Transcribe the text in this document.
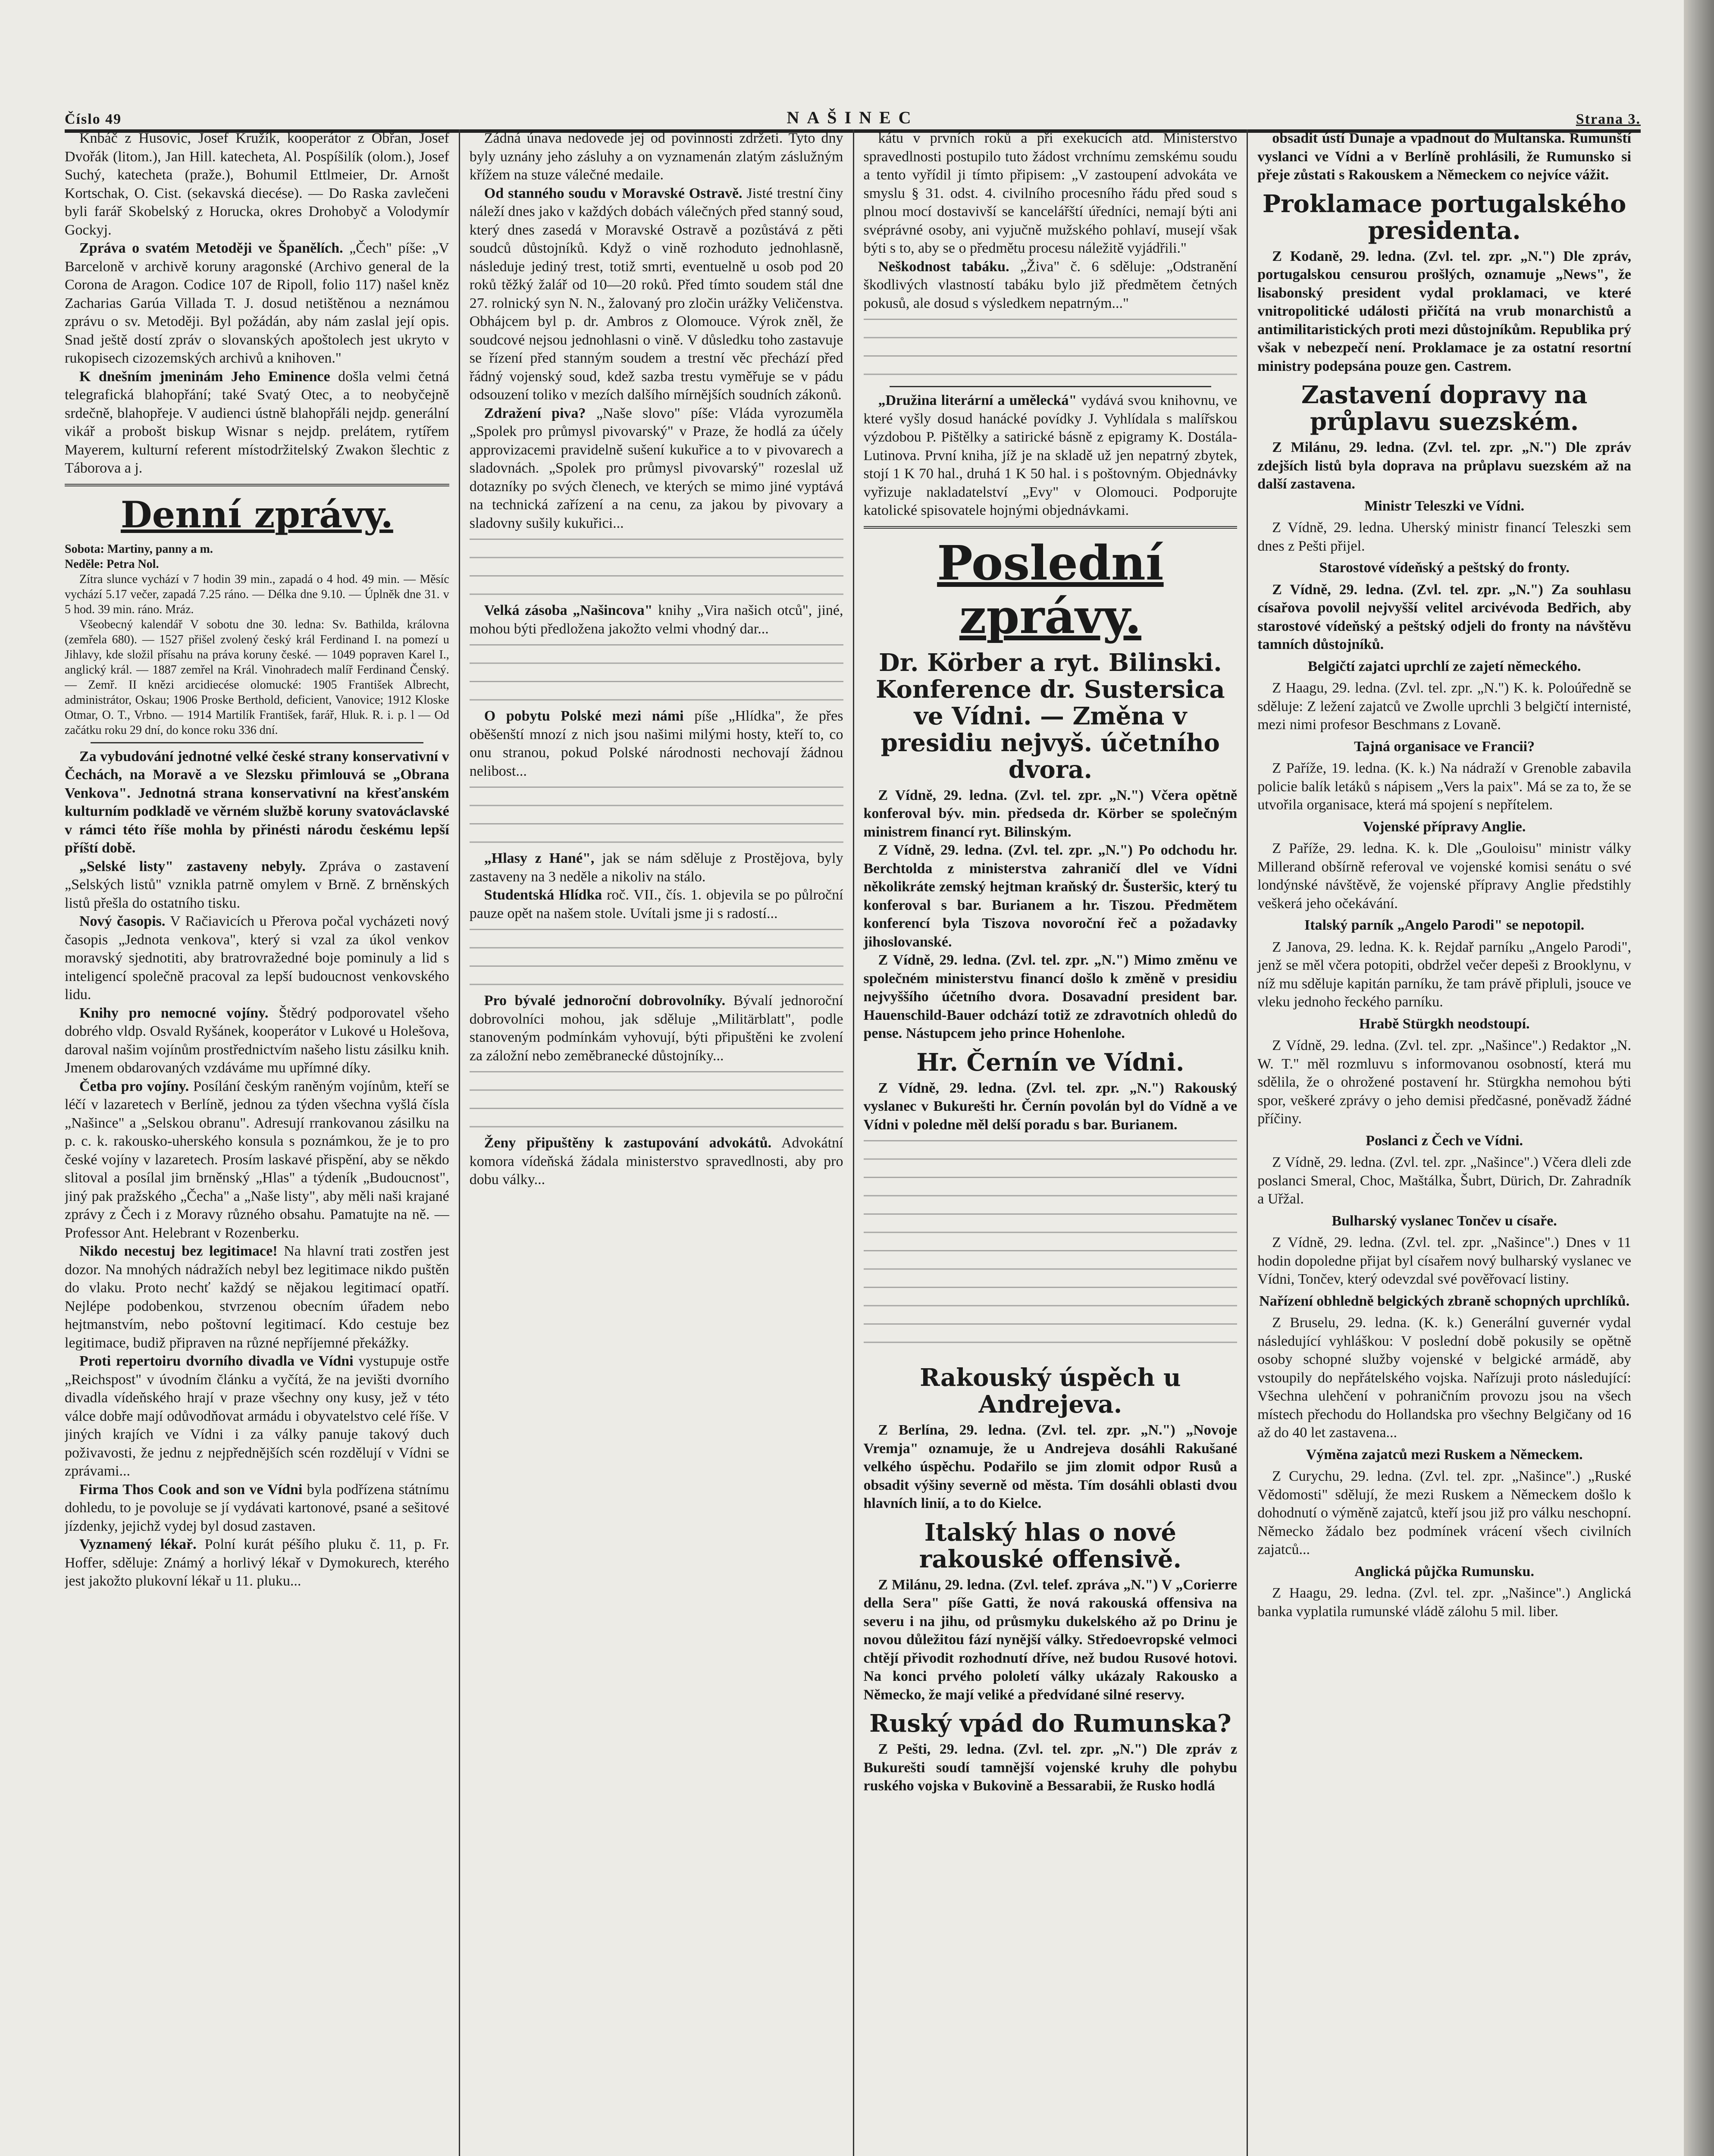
Číslo 49	NAŠINEC	Strana 3.

Knbáč z Husovic, Josef Kružík, kooperátor z Obřan, Josef Dvořák (litom.), Jan Hill. katecheta, Al. Pospíšilík (olom.), Josef Suchý, katecheta (praže.), Bohumil Ettlmeier, Dr. Arnošt Kortschak, O. Cist. (sekavská diecése). — Do Raska zavlečeni byli farář Skobelský z Horucka, okres Drohobyč a Volodymír Gockyj.

Zpráva o svatém Metoději ve Španělích. „Čech" píše: „V Barceloně v archivě koruny aragonské (Archivo general de la Corona de Aragon. Codice 107 de Ripoll, folio 117) našel kněz Zacharias Garúa Villada T. J. dosud netištěnou a neznámou zprávu o sv. Metoději. Byl požádán, aby nám zaslal její opis. Snad ještě dostí zpráv o slovanských apoštolech jest ukryto v rukopisech cizozemských archivů a knihoven."

K dnešním jmeninám Jeho Eminence došla velmi četná telegrafická blahopřání; také Svatý Otec, a to neobyčejně srdečně, blahopřeje. V audienci ústně blahopřáli nejdp. generální vikář a probošt biskup Wisnar s nejdp. prelátem, rytířem Mayerem, kulturní referent místodržitelský Zwakon šlechtic z Táborova a j.

Denní zprávy.
Sobota: Martiny, panny a m.
Neděle: Petra Nol.

Zítra slunce vychází v 7 hodin 39 min., zapadá o 4 hod. 49 min. — Měsíc vychází 5.17 večer, zapadá 7.25 ráno. — Délka dne 9.10. — Úplněk dne 31. v 5 hod. 39 min. ráno. Mráz.

Všeobecný kalendář V sobotu dne 30. ledna: Sv. Bathilda, královna (zemřela 680). — 1527 přišel zvolený český král Ferdinand I. na pomezí u Jihlavy, kde složil přísahu na práva koruny české. — 1049 popraven Karel I., anglický král. — 1887 zemřel na Král. Vinohradech malíř Ferdinand Čenský. — Zemř. II knězi arcidiecése olomucké: 1905 František Albrecht, administrátor, Oskau; 1906 Proske Berthold, deficient, Vanovice; 1912 Kloske Otmar, O. T., Vrbno. — 1914 Martilík František, farář, Hluk. R. i. p. l — Od začátku roku 29 dní, do konce roku 336 dní.

Za vybudování jednotné velké české strany konservativní v Čechách, na Moravě a ve Slezsku přimlouvá se „Obrana Venkova". Jednotná strana konservativní na křesťanském kulturním podkladě ve věrném službě koruny svatováclavské v rámci této říše mohla by přinésti národu českému lepší příští době.

„Selské listy" zastaveny nebyly. Zpráva o zastavení „Selských listů" vznikla patrně omylem v Brně. Z brněnských listů přešla do ostatního tisku.

Nový časopis. V Račiavicích u Přerova počal vycházeti nový časopis „Jednota venkova", který si vzal za úkol venkov moravský sjednotiti, aby bratrovražedné boje pominuly a lid s inteligencí společně pracoval za lepší budoucnost venkovského lidu.

Knihy pro nemocné vojíny. Štědrý podporovatel všeho dobrého vldp. Osvald Ryšánek, kooperátor v Lukové u Holešova, daroval našim vojínům prostřednictvím našeho listu zásilku knih. Jmenem obdarovaných vzdáváme mu upřímné díky.

Četba pro vojíny. Posílání českým raněným vojínům, kteří se léčí v lazaretech v Berlíně, jednou za týden všechna vyšlá čísla „Našince" a „Selskou obranu". Adresují rrankovanou zásilku na p. c. k. rakousko-uherského konsula s poznámkou, že je to pro české vojíny v lazaretech. Prosím laskavé přispění, aby se někdo slitoval a posílal jim brněnský „Hlas" a týdeník „Budoucnost", jiný pak pražského „Čecha" a „Naše listy", aby měli naši krajané zprávy z Čech i z Moravy různého obsahu. Pamatujte na ně. — Professor Ant. Helebrant v Rozenberku.

Nikdo necestuj bez legitimace! Na hlavní trati zostřen jest dozor. Na mnohých nádražích nebyl bez legitimace nikdo puštěn do vlaku. Proto nechť každý se nějakou legitimací opatří. Nejlépe podobenkou, stvrzenou obecním úřadem nebo hejtmanstvím, nebo poštovní legitimací. Kdo cestuje bez legitimace, budiž připraven na různé nepříjemné překážky.

Proti repertoiru dvorního divadla ve Vídni vystupuje ostře „Reichspost" v úvodním článku a vyčítá, že na jevišti dvorního divadla vídeňského hrají v praze všechny ony kusy, jež v této válce dobře mají odůvodňovat armádu i obyvatelstvo celé říše. V jiných krajích ve Vídni i za války panuje takový duch poživavosti, že jednu z nejpřednějších scén rozdělují v Vídni se zprávami...

Firma Thos Cook and son ve Vídni byla podřízena státnímu dohledu, to je povoluje se jí vydávati kartonové, psané a sešitové jízdenky, jejichž vydej byl dosud zastaven.

Vyznamený lékař. Polní kurát péšího pluku č. 11, p. Fr. Hoffer, sděluje: Známý a horlivý lékař v Dymokurech, kterého jest jakožto plukovní lékař u 11. pluku...

Žádná únava nedovede jej od povinnosti zdržeti. Tyto dny byly uznány jeho zásluhy a on vyznamenán zlatým záslužným křížem na stuze válečné medaile.

Od stanného soudu v Moravské Ostravě. Jisté trestní činy náleží dnes jako v každých dobách válečných před stanný soud, který dnes zasedá v Moravské Ostravě a pozůstává z pěti soudců důstojníků. Když o vině rozhoduto jednohlasně, následuje jediný trest, totiž smrti, eventuelně u osob pod 20 roků těžký žalář od 10—20 roků. Před tímto soudem stál dne 27. rolnický syn N. N., žalovaný pro zločin urážky Veličenstva. Obhájcem byl p. dr. Ambros z Olomouce. Výrok zněl, že soudcové nejsou jednohlasni o vině. V důsledku toho zastavuje se řízení před stanným soudem a trestní věc přechází před řádný vojenský soud, kdež sazba trestu vyměřuje se v pádu odsouzení toliko v mezích dalšího mírnějších soudních zákonů.

Zdražení piva? „Naše slovo" píše: Vláda vyrozuměla „Spolek pro průmysl pivovarský" v Praze, že hodlá za účely approvizacemi pravidelně sušení kukuřice a to v pivovarech a sladovnách. „Spolek pro průmysl pivovarský" rozeslal už dotazníky po svých členech, ve kterých se mimo jiné vyptává na technická zařízení a na cenu, za jakou by pivovary a sladovny sušily kukuřici...

Velká zásoba „Našincova" knihy „Vira našich otců", jiné, mohou býti předložena jakožto velmi vhodný dar...

O pobytu Polské mezi námi píše „Hlídka", že přes oběšenští mnozí z nich jsou našimi milými hosty, kteří to, co onu stranou, pokud Polské národnosti nechovají žádnou nelibost...

„Hlasy z Hané", jak se nám sděluje z Prostějova, byly zastaveny na 3 neděle a nikoliv na stálo.

Studentská Hlídka roč. VII., čís. 1. objevila se po půlroční pauze opět na našem stole. Uvítali jsme ji s radostí...

Pro bývalé jednoroční dobrovolníky. Bývalí jednoroční dobrovolníci mohou, jak sděluje „Militärblatt", podle stanoveným podmínkám vyhovují, býti připuštěni ke zvolení za záložní nebo zeměbranecké důstojníky...

Ženy připuštěny k zastupování advokátů. Advokátní komora vídeňská žádala ministerstvo spravedlnosti, aby pro dobu války...

kátu v prvních roků a při exekucích atd. Ministerstvo spravedlnosti postupilo tuto žádost vrchnímu zemskému soudu a tento vyřídil ji tímto připisem: „V zastoupení advokáta ve smyslu § 31. odst. 4. civilního procesního řádu před soud s plnou mocí dostavivší se kancelářští úředníci, nemají býti ani svéprávné osoby, ani vyjučně mužského pohlaví, musejí však býti s to, aby se o předmětu procesu náležitě vyjádřili."

Neškodnost tabáku. „Živa" č. 6 sděluje: „Odstranění škodlivých vlastností tabáku bylo již předmětem četných pokusů, ale dosud s výsledkem nepatrným..."

„Družina literární a umělecká" vydává svou knihovnu, ve které vyšly dosud hanácké povídky J. Vyhlídala s malířskou výzdobou P. Pištělky a satirické básně z epigramy K. Dostála-Lutinova. První kniha, jíž je na skladě už jen nepatrný zbytek, stojí 1 K 70 hal., druhá 1 K 50 hal. i s poštovným. Objednávky vyřizuje nakladatelství „Evy" v Olomouci. Podporujte katolické spisovatele hojnými objednávkami.

Poslední zprávy.
Dr. Körber a ryt. Bilinski. Konference dr. Sustersica ve Vídni. — Změna v presidiu nejvyš. účetního dvora.

Z Vídně, 29. ledna. (Zvl. tel. zpr. „N.") Včera opětně konferoval býv. min. předseda dr. Körber se společným ministrem financí ryt. Bilinským.

Z Vídně, 29. ledna. (Zvl. tel. zpr. „N.") Po odchodu hr. Berchtolda z ministerstva zahraničí dlel ve Vídni několikráte zemský hejtman kraňský dr. Šusteršic, který tu konferoval s bar. Burianem a hr. Tiszou. Předmětem konferencí byla Tiszova novoroční řeč a požadavky jihoslovanské.

Z Vídně, 29. ledna. (Zvl. tel. zpr. „N.") Mimo změnu ve společném ministerstvu financí došlo k změně v presidiu nejvyššího účetního dvora. Dosavadní president bar. Hauenschild-Bauer odchází totiž ze zdravotních ohledů do pense. Nástupcem jeho prince Hohenlohe.

Hr. Černín ve Vídni.

Z Vídně, 29. ledna. (Zvl. tel. zpr. „N.") Rakouský vyslanec v Bukurešti hr. Černín povolán byl do Vídně a ve Vídni v poledne měl delší poradu s bar. Burianem.

Rakouský úspěch u Andrejeva.

Z Berlína, 29. ledna. (Zvl. tel. zpr. „N.") „Novoje Vremja" oznamuje, že u Andrejeva dosáhli Rakušané velkého úspěchu. Podařilo se jim zlomit odpor Rusů a obsadit výšiny severně od města. Tím dosáhli oblasti dvou hlavních linií, a to do Kielce.

Italský hlas o nové rakouské offensivě.

Z Milánu, 29. ledna. (Zvl. telef. zpráva „N.") V „Corierre della Sera" píše Gatti, že nová rakouská offensiva na severu i na jihu, od průsmyku dukelského až po Drinu je novou důležitou fází nynější války. Středoevropské velmoci chtějí přivodit rozhodnutí dříve, než budou Rusové hotovi. Na konci prvého pololetí války ukázaly Rakousko a Německo, že mají veliké a předvídané silné reservy.

Ruský vpád do Rumunska?

Z Pešti, 29. ledna. (Zvl. tel. zpr. „N.") Dle zpráv z Bukurešti soudí tamnější vojenské kruhy dle pohybu ruského vojska v Bukovině a Bessarabii, že Rusko hodlá

obsadit ústí Dunaje a vpadnout do Multanska. Rumunští vyslanci ve Vídni a v Berlíně prohlásili, že Rumunsko si přeje zůstati s Rakouskem a Německem co nejvíce vážit.

Proklamace portugalského presidenta.

Z Kodaně, 29. ledna. (Zvl. tel. zpr. „N.") Dle zpráv, portugalskou censurou prošlých, oznamuje „News", že lisabonský president vydal proklamaci, ve které vnitropolitické události přičítá na vrub monarchistů a antimilitaristických proti mezi důstojníkům. Republika prý však v nebezpečí není. Proklamace je za ostatní resortní ministry podepsána pouze gen. Castrem.

Zastavení dopravy na průplavu suezském.

Z Milánu, 29. ledna. (Zvl. tel. zpr. „N.") Dle zpráv zdejších listů byla doprava na průplavu suezském až na další zastavena.

Ministr Teleszki ve Vídni.

Z Vídně, 29. ledna. Uherský ministr financí Teleszki sem dnes z Pešti přijel.

Starostové vídeňský a peštský do fronty.

Z Vídně, 29. ledna. (Zvl. tel. zpr. „N.") Za souhlasu císařova povolil nejvyšší velitel arcivévoda Bedřich, aby starostové vídeňský a peštský odjeli do fronty na návštěvu tamních důstojníků.

Belgičtí zajatci uprchlí ze zajetí německého.

Z Haagu, 29. ledna. (Zvl. tel. zpr. „N.") K. k. Poloúředně se sděluje: Z ležení zajatců ve Zwolle uprchli 3 belgičtí internisté, mezi nimi profesor Beschmans z Lovaně.

Tajná organisace ve Francii?

Z Paříže, 19. ledna. (K. k.) Na nádraží v Grenoble zabavila policie balík letáků s nápisem „Vers la paix". Má se za to, že se utvořila organisace, která má spojení s nepřítelem.

Vojenské přípravy Anglie.

Z Paříže, 29. ledna. K. k. Dle „Gouloisu" ministr války Millerand obšírně referoval ve vojenské komisi senátu o své londýnské návštěvě, že vojenské přípravy Anglie předstihly veškerá jeho očekávání.

Italský parník „Angelo Parodi" se nepotopil.

Z Janova, 29. ledna. K. k. Rejdař parníku „Angelo Parodi", jenž se měl včera potopiti, obdržel večer depeši z Brooklynu, v níž mu sděluje kapitán parníku, že tam právě připluli, jsouce ve vleku jednoho řeckého parníku.

Hrabě Stürgkh neodstoupí.

Z Vídně, 29. ledna. (Zvl. tel. zpr. „Našince".) Redaktor „N. W. T." měl rozmluvu s informovanou osobností, která mu sdělila, že o ohrožené postavení hr. Stürgkha nemohou býti spor, veškeré zprávy o jeho demisi předčasné, poněvadž žádné příčiny.

Poslanci z Čech ve Vídni.

Z Vídně, 29. ledna. (Zvl. tel. zpr. „Našince".) Včera dleli zde poslanci Smeral, Choc, Maštálka, Šubrt, Dürich, Dr. Zahradník a Uřžal.

Bulharský vyslanec Tončev u císaře.

Z Vídně, 29. ledna. (Zvl. tel. zpr. „Našince".) Dnes v 11 hodin dopoledne přijat byl císařem nový bulharský vyslanec ve Vídni, Tončev, který odevzdal své pověřovací listiny.

Nařízení obhledně belgických zbraně schopných uprchlíků.

Z Bruselu, 29. ledna. (K. k.) Generální guvernér vydal následující vyhláškou: V poslední době pokusily se opětně osoby schopné služby vojenské v belgické armádě, aby vstoupily do nepřátelského vojska. Nařízuji proto následující: Všechna ulehčení v pohraničním provozu jsou na všech místech přechodu do Hollandska pro všechny Belgičany od 16 až do 40 let zastavena...

Výměna zajatců mezi Ruskem a Německem.

Z Curychu, 29. ledna. (Zvl. tel. zpr. „Našince".) „Ruské Vědomosti" sdělují, že mezi Ruskem a Německem došlo k dohodnutí o výměně zajatců, kteří jsou již pro válku neschopní. Německo žádalo bez podmínek vrácení všech civilních zajatců...

Anglická půjčka Rumunsku.

Z Haagu, 29. ledna. (Zvl. tel. zpr. „Našince".) Anglická banka vyplatila rumunské vládě zálohu 5 mil. liber.
